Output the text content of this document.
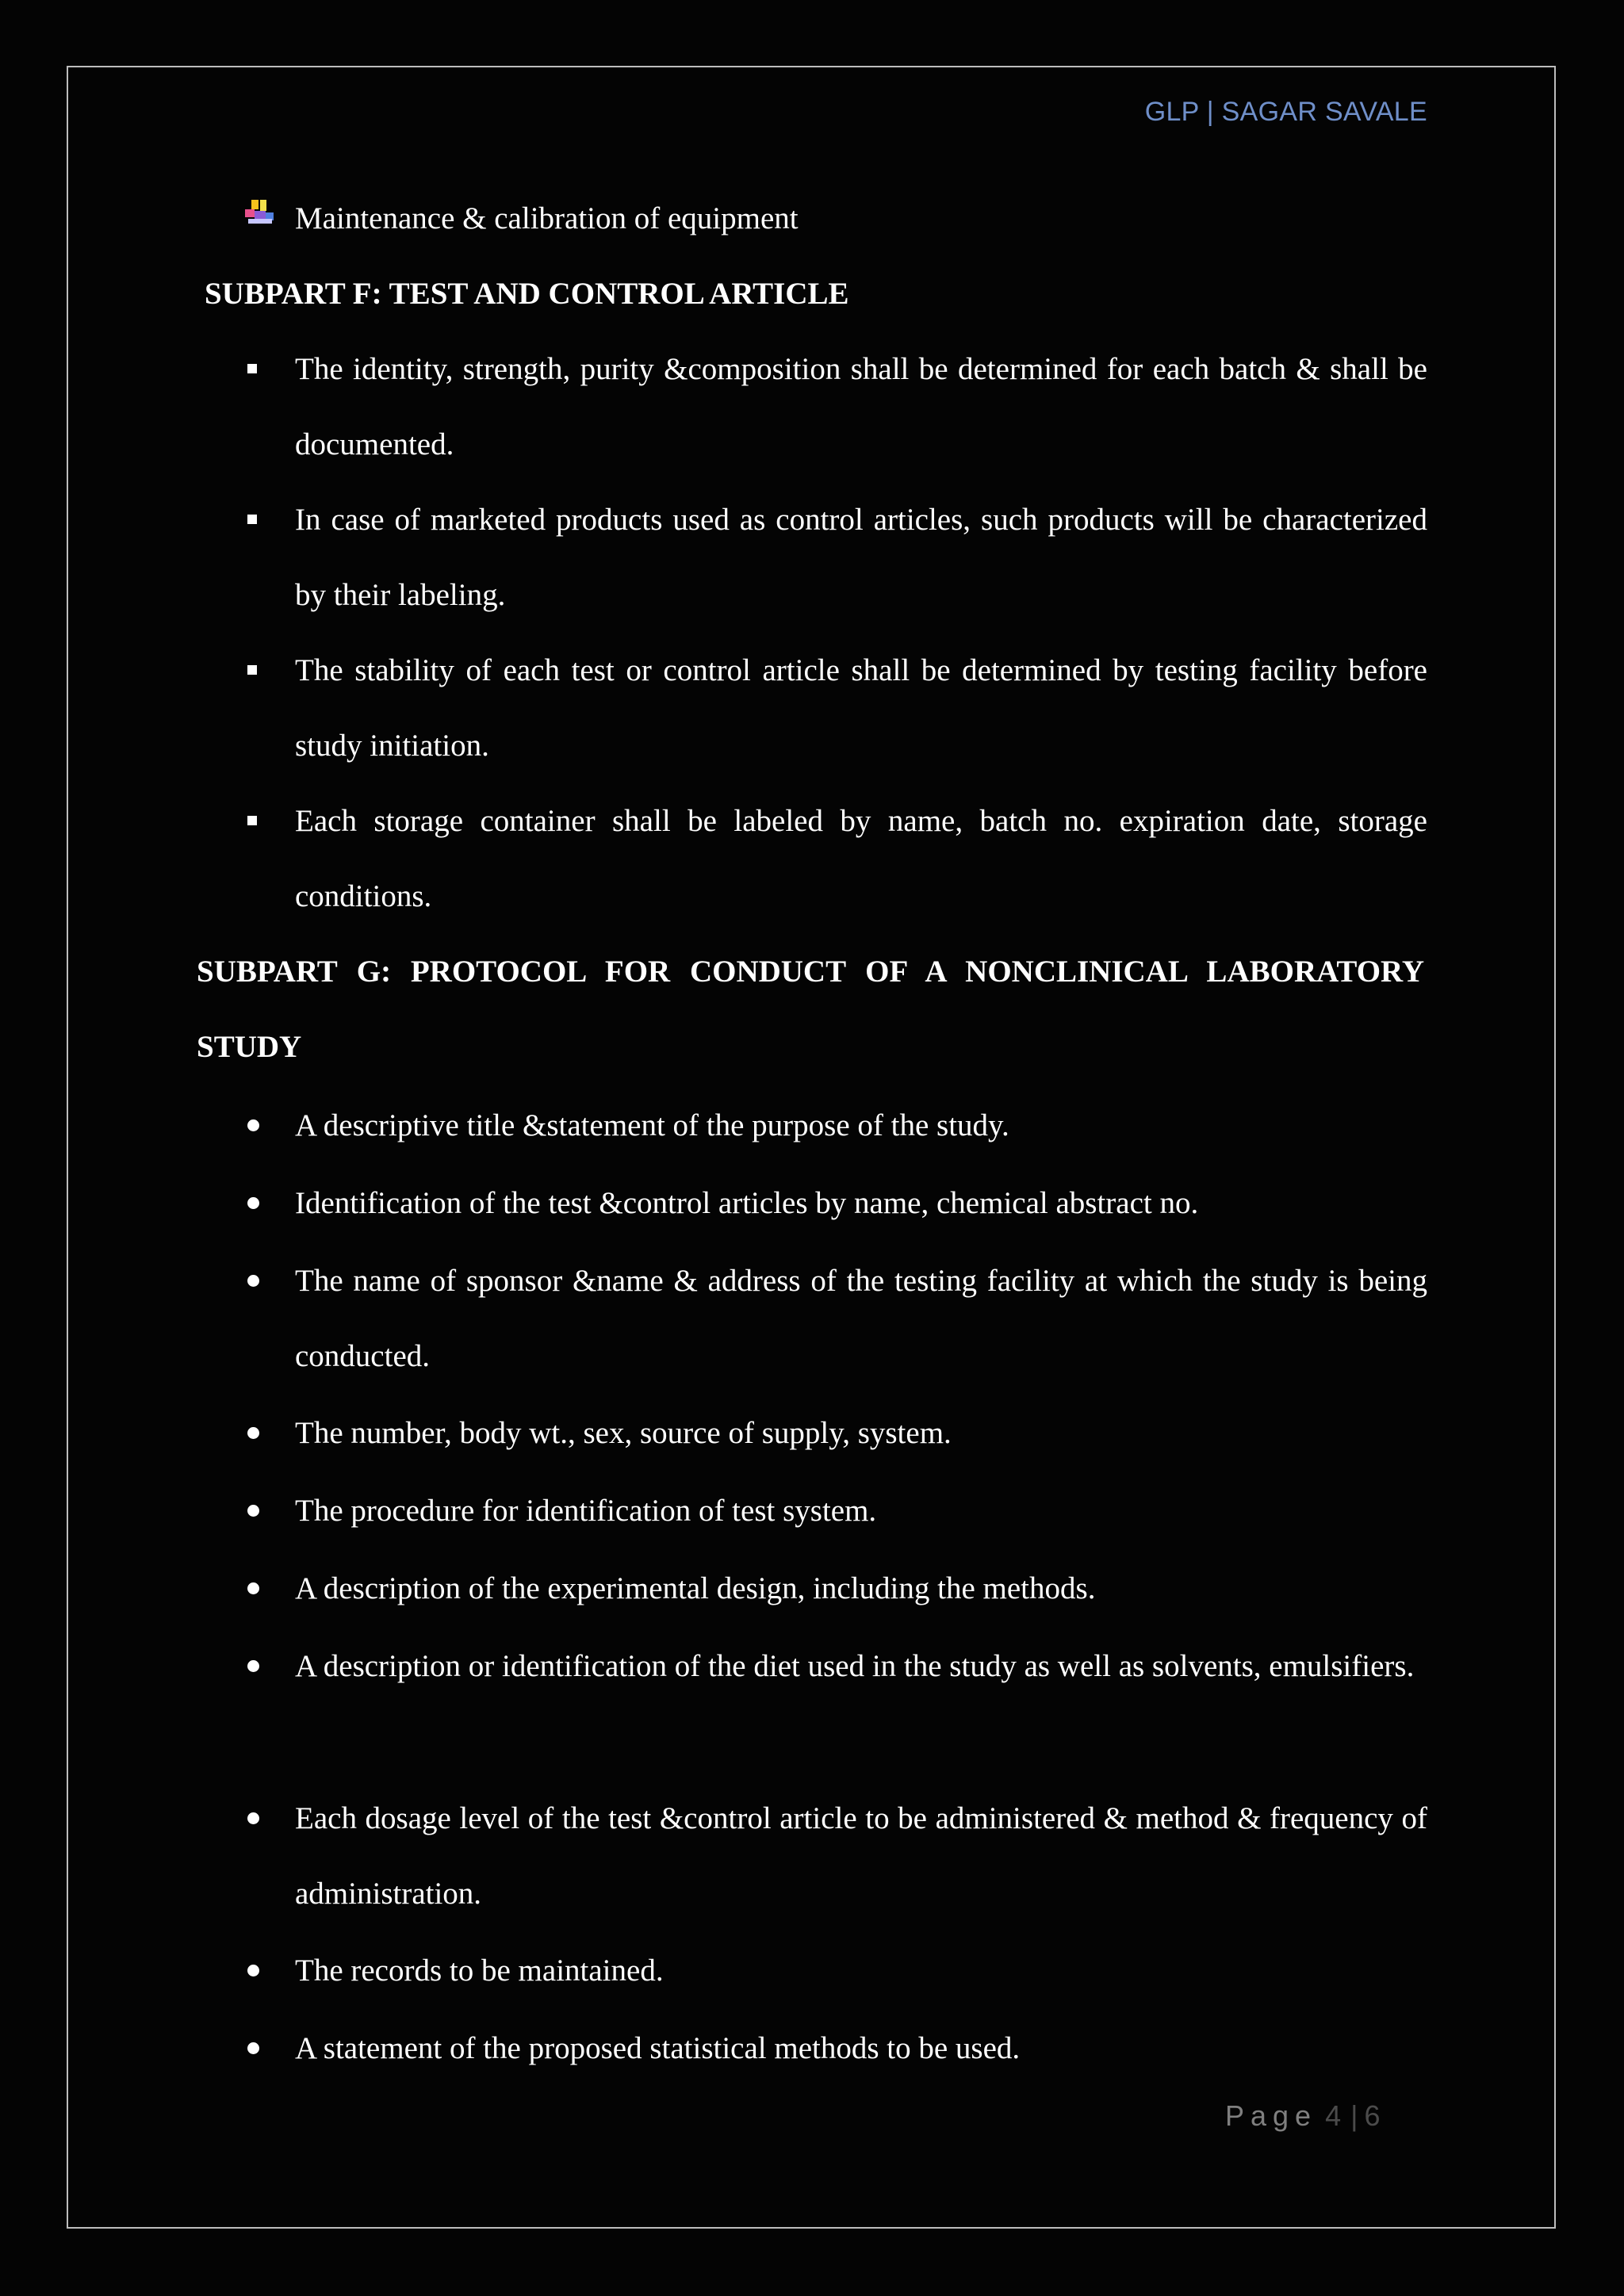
GLP | SAGAR SAVALE
Maintenance & calibration of equipment
SUBPART F: TEST AND CONTROL ARTICLE
The identity, strength, purity &composition shall be determined for each batch & shall be documented.
In case of marketed products used as control articles, such products will be characterized by their labeling.
The stability of each test or control article shall be determined by testing facility before study initiation.
Each storage container shall be labeled by name, batch no. expiration date, storage conditions.
SUBPART G: PROTOCOL FOR CONDUCT OF A NONCLINICAL LABORATORY STUDY
A descriptive title &statement of the purpose of the study.
Identification of the test &control articles by name, chemical abstract no.
The name of sponsor &name & address of the testing facility at which the study is being conducted.
The number, body wt., sex, source of supply, system.
The procedure for identification of test system.
A description of the experimental design, including the methods.
A description or identification of the diet used in the study as well as solvents, emulsifiers.
Each dosage level of the test &control article to be administered & method & frequency of administration.
The records to be maintained.
A statement of the proposed statistical methods to be used.
Page 4 | 6
